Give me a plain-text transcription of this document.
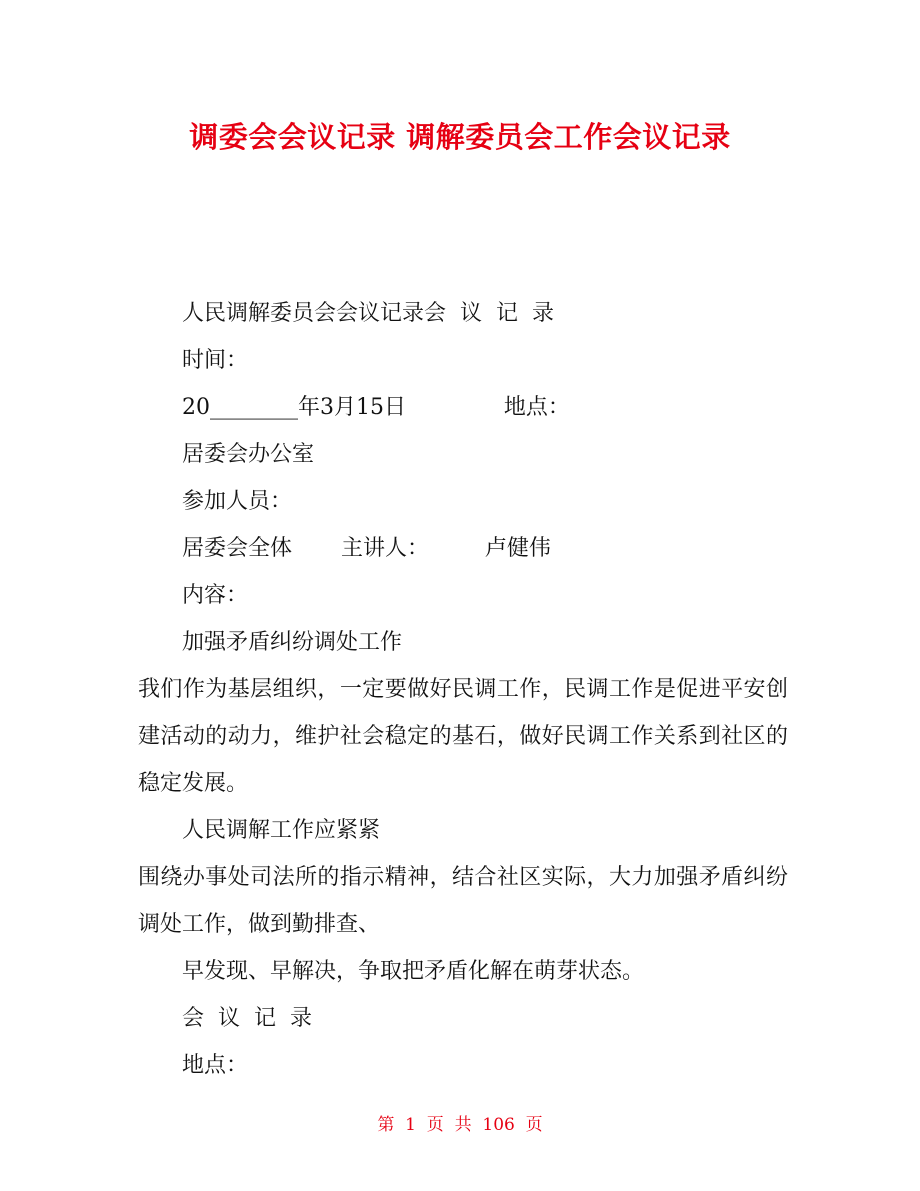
调委会会议记录 调解委员会工作会议记录
人民调解委员会会议记录会  议  记  录
时间：
20________年3月15日              地点：
居委会办公室
参加人员：
居委会全体       主讲人：        卢健伟
内容：
加强矛盾纠纷调处工作
我们作为基层组织，一定要做好民调工作，民调工作是促进平安创建活动的动力，维护社会稳定的基石，做好民调工作关系到社区的稳定发展。
人民调解工作应紧紧
围绕办事处司法所的指示精神，结合社区实际，大力加强矛盾纠纷调处工作，做到勤排查、
早发现、早解决，争取把矛盾化解在萌芽状态。
会  议  记  录
地点：
第  1  页  共  106  页
